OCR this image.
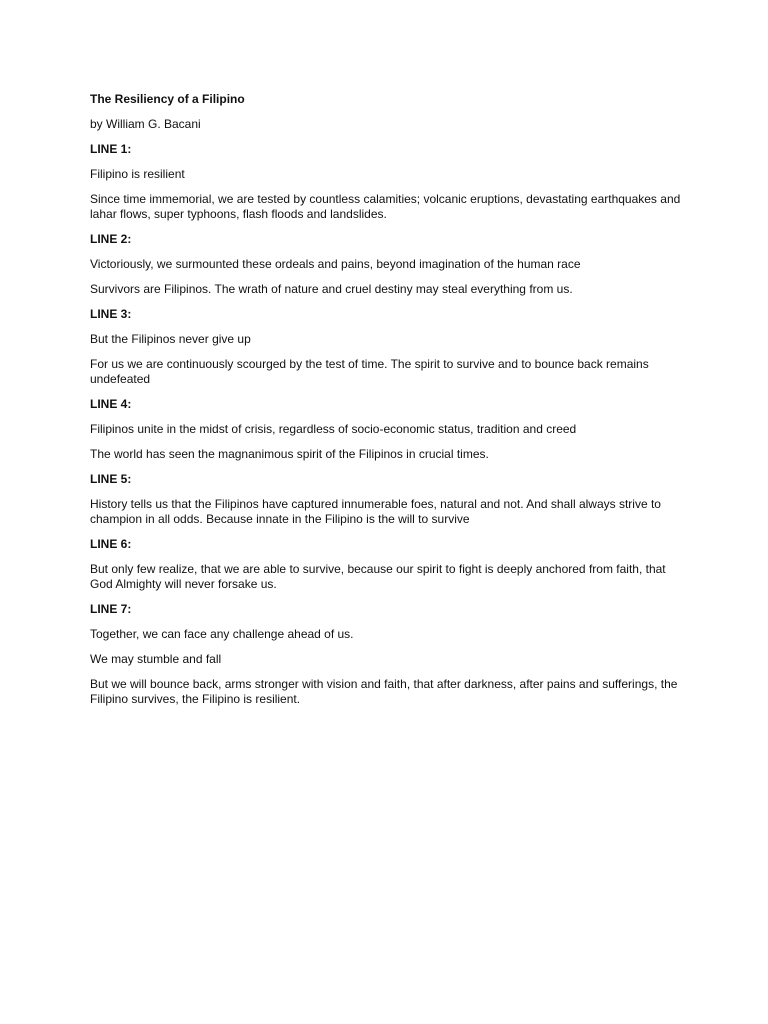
The Resiliency of a Filipino
by William G. Bacani
LINE 1:
Filipino is resilient
Since time immemorial, we are tested by countless calamities; volcanic eruptions, devastating earthquakes and lahar flows, super typhoons, flash floods and landslides.
LINE 2:
Victoriously, we surmounted these ordeals and pains, beyond imagination of the human race
Survivors are Filipinos. The wrath of nature and cruel destiny may steal everything from us.
LINE 3:
But the Filipinos never give up
For us we are continuously scourged by the test of time. The spirit to survive and to bounce back remains undefeated
LINE 4:
Filipinos unite in the midst of crisis, regardless of socio-economic status, tradition and creed
The world has seen the magnanimous spirit of the Filipinos in crucial times.
LINE 5:
History tells us that the Filipinos have captured innumerable foes, natural and not. And shall always strive to champion in all odds. Because innate in the Filipino is the will to survive
LINE 6:
But only few realize, that we are able to survive, because our spirit to fight is deeply anchored from faith, that God Almighty will never forsake us.
LINE 7:
Together, we can face any challenge ahead of us.
We may stumble and fall
But we will bounce back, arms stronger with vision and faith, that after darkness, after pains and sufferings, the Filipino survives, the Filipino is resilient.
